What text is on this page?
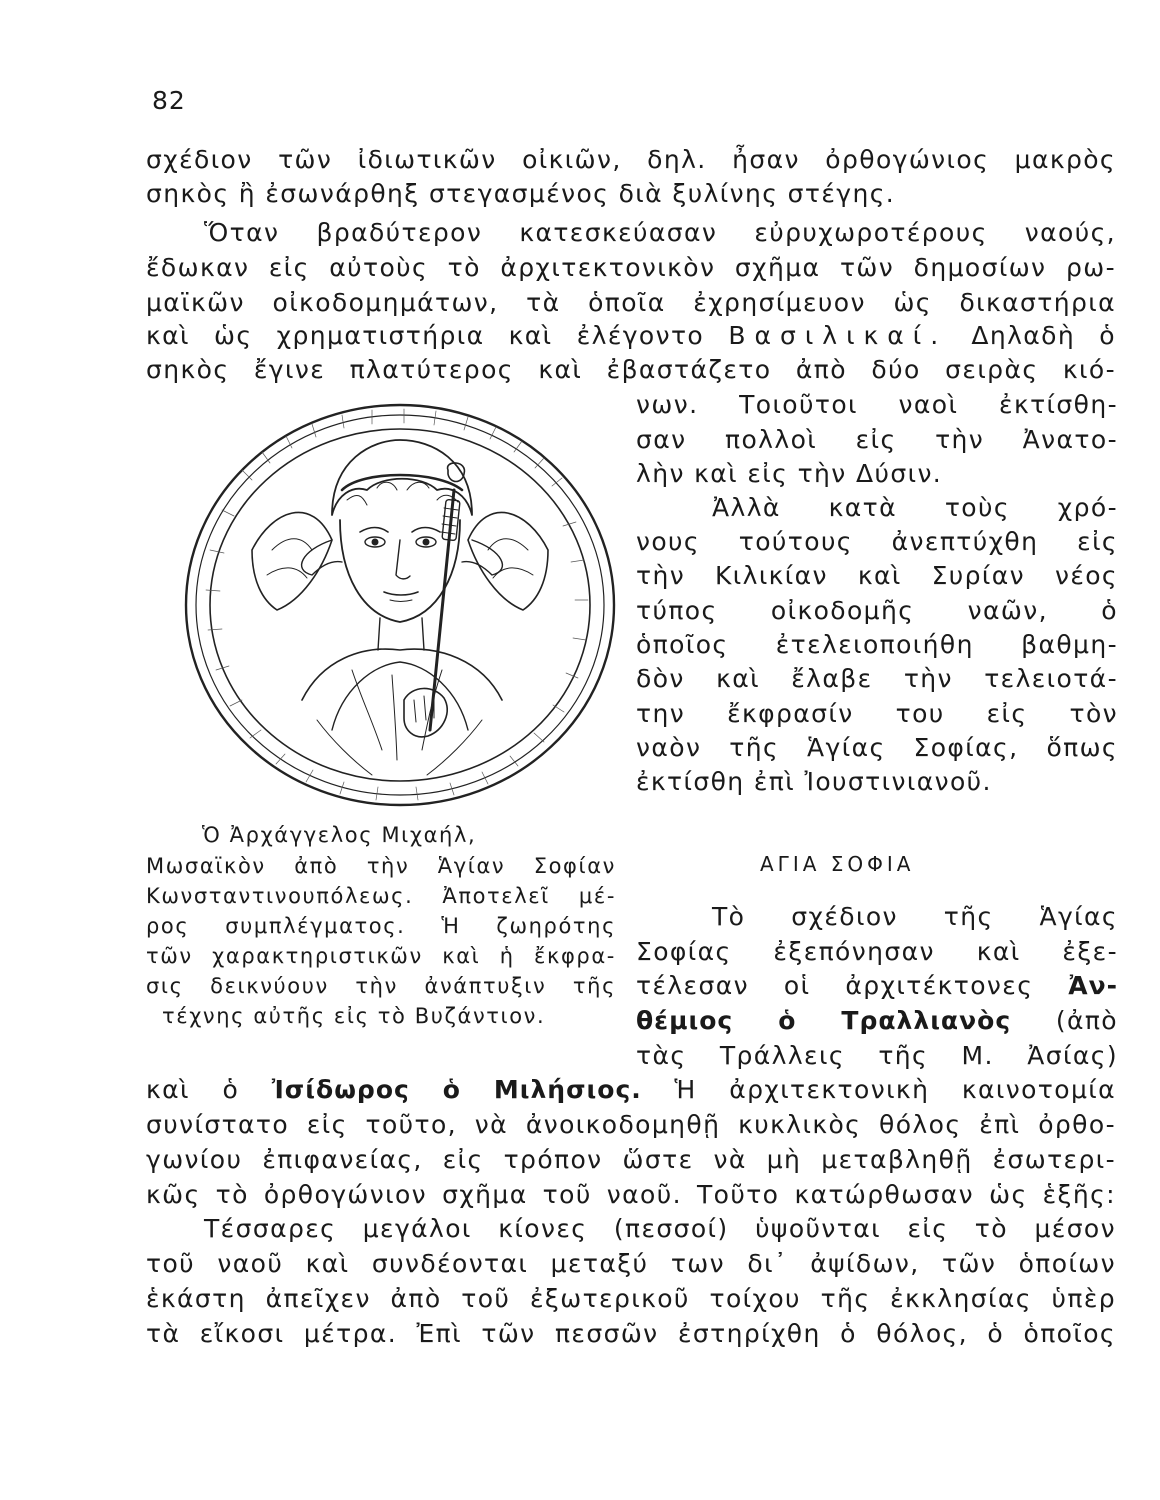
82
σχέδιον τῶν ἰδιωτικῶν οἰκιῶν, δηλ. ἦσαν ὀρθογώνιος μακρὸς
σηκὸς ἢ ἐσωνάρθηξ στεγασμένος διὰ ξυλίνης στέγης.
Ὅταν βραδύτερον κατεσκεύασαν εὐρυχωροτέρους ναούς,
ἔδωκαν εἰς αὐτοὺς τὸ ἀρχιτεκτονικὸν σχῆμα τῶν δημοσίων ρω-
μαϊκῶν οἰκοδομημάτων, τὰ ὁποῖα ἐχρησίμευον ὡς δικαστήρια
καὶ ὡς χρηματιστήρια καὶ ἐλέγοντο Βασιλικαί. Δηλαδὴ ὁ
σηκὸς ἔγινε πλατύτερος καὶ ἐβαστάζετο ἀπὸ δύο σειρὰς κιό-
νων. Τοιοῦτοι ναοὶ ἐκτίσθη-
σαν πολλοὶ εἰς τὴν Ἀνατο-
λὴν καὶ εἰς τὴν Δύσιν.
Ἀλλὰ κατὰ τοὺς χρό-
νους τούτους ἀνεπτύχθη εἰς
τὴν Κιλικίαν καὶ Συρίαν νέος
τύπος οἰκοδομῆς ναῶν, ὁ
ὁποῖος ἐτελειοποιήθη βαθμη-
δὸν καὶ ἔλαβε τὴν τελειοτά-
την ἔκφρασίν του εἰς τὸν
ναὸν τῆς Ἁγίας Σοφίας, ὅπως
ἐκτίσθη ἐπὶ Ἰουστινιανοῦ.
ΑΓΙΑ ΣΟΦΙΑ
Τὸ σχέδιον τῆς Ἁγίας
Σοφίας ἐξεπόνησαν καὶ ἐξε-
τέλεσαν οἱ ἀρχιτέκτονες Ἀν-
θέμιος ὁ Τραλλιανὸς (ἀπὸ
τὰς Τράλλεις τῆς Μ. Ἀσίας)
καὶ ὁ Ἰσίδωρος ὁ Μιλήσιος. Ἡ ἀρχιτεκτονικὴ καινοτομία
συνίστατο εἰς τοῦτο, νὰ ἀνοικοδομηθῇ κυκλικὸς θόλος ἐπὶ ὀρθο-
γωνίου ἐπιφανείας, εἰς τρόπον ὥστε νὰ μὴ μεταβληθῇ ἐσωτερι-
κῶς τὸ ὀρθογώνιον σχῆμα τοῦ ναοῦ. Τοῦτο κατώρθωσαν ὡς ἑξῆς:
Τέσσαρες μεγάλοι κίονες (πεσσοί) ὑψοῦνται εἰς τὸ μέσον
τοῦ ναοῦ καὶ συνδέονται μεταξύ των δι᾽ ἀψίδων, τῶν ὁποίων
ἑκάστη ἀπεῖχεν ἀπὸ τοῦ ἐξωτερικοῦ τοίχου τῆς ἐκκλησίας ὑπὲρ
τὰ εἴκοσι μέτρα. Ἐπὶ τῶν πεσσῶν ἐστηρίχθη ὁ θόλος, ὁ ὁποῖος
Ὁ Ἀρχάγγελος Μιχαήλ,
Μωσαϊκὸν ἀπὸ τὴν Ἁγίαν Σοφίαν
Κωνσταντινουπόλεως. Ἀποτελεῖ μέ-
ρος συμπλέγματος. Ἡ ζωηρότης
τῶν χαρακτηριστικῶν καὶ ἡ ἔκφρα-
σις δεικνύουν τὴν ἀνάπτυξιν τῆς
τέχνης αὐτῆς εἰς τὸ Βυζάντιον.
